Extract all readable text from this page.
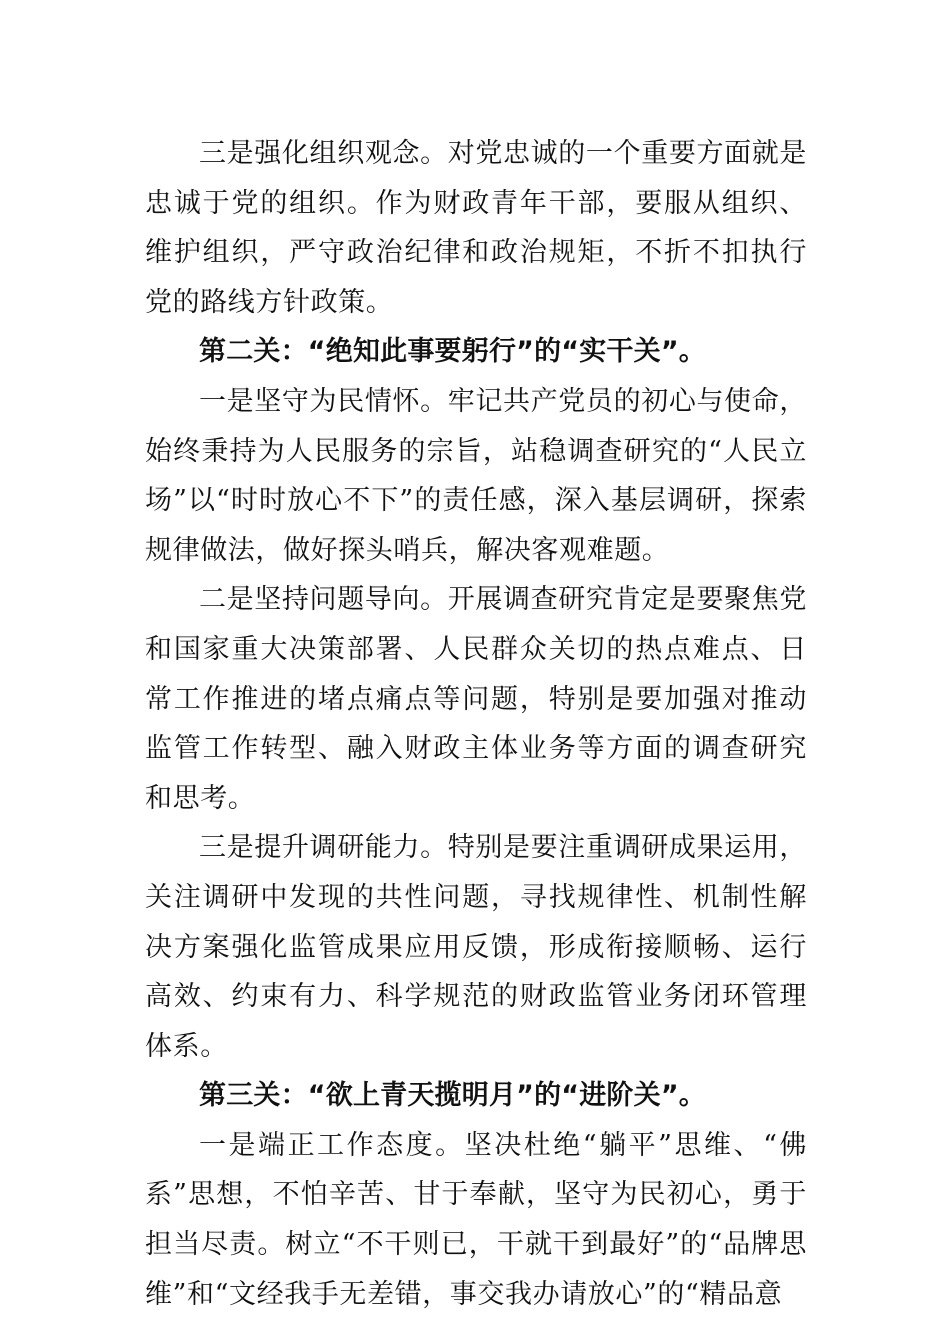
三是强化组织观念。对党忠诚的一个重要方面就是忠诚于党的组织。作为财政青年干部，要服从组织、维护组织，严守政治纪律和政治规矩，不折不扣执行党的路线方针政策。

第二关：“绝知此事要躬行”的“实干关”。

一是坚守为民情怀。牢记共产党员的初心与使命，始终秉持为人民服务的宗旨，站稳调查研究的“人民立场”以“时时放心不下”的责任感，深入基层调研，探索规律做法，做好探头哨兵，解决客观难题。

二是坚持问题导向。开展调查研究肯定是要聚焦党和国家重大决策部署、人民群众关切的热点难点、日常工作推进的堵点痛点等问题，特别是要加强对推动监管工作转型、融入财政主体业务等方面的调查研究和思考。

三是提升调研能力。特别是要注重调研成果运用，关注调研中发现的共性问题，寻找规律性、机制性解决方案强化监管成果应用反馈，形成衔接顺畅、运行高效、约束有力、科学规范的财政监管业务闭环管理体系。

第三关：“欲上青天揽明月”的“进阶关”。

一是端正工作态度。坚决杜绝“躺平”思维、“佛系”思想，不怕辛苦、甘于奉献，坚守为民初心，勇于担当尽责。树立“不干则已，干就干到最好”的“品牌思维”和“文经我手无差错，事交我办请放心”的“精品意
